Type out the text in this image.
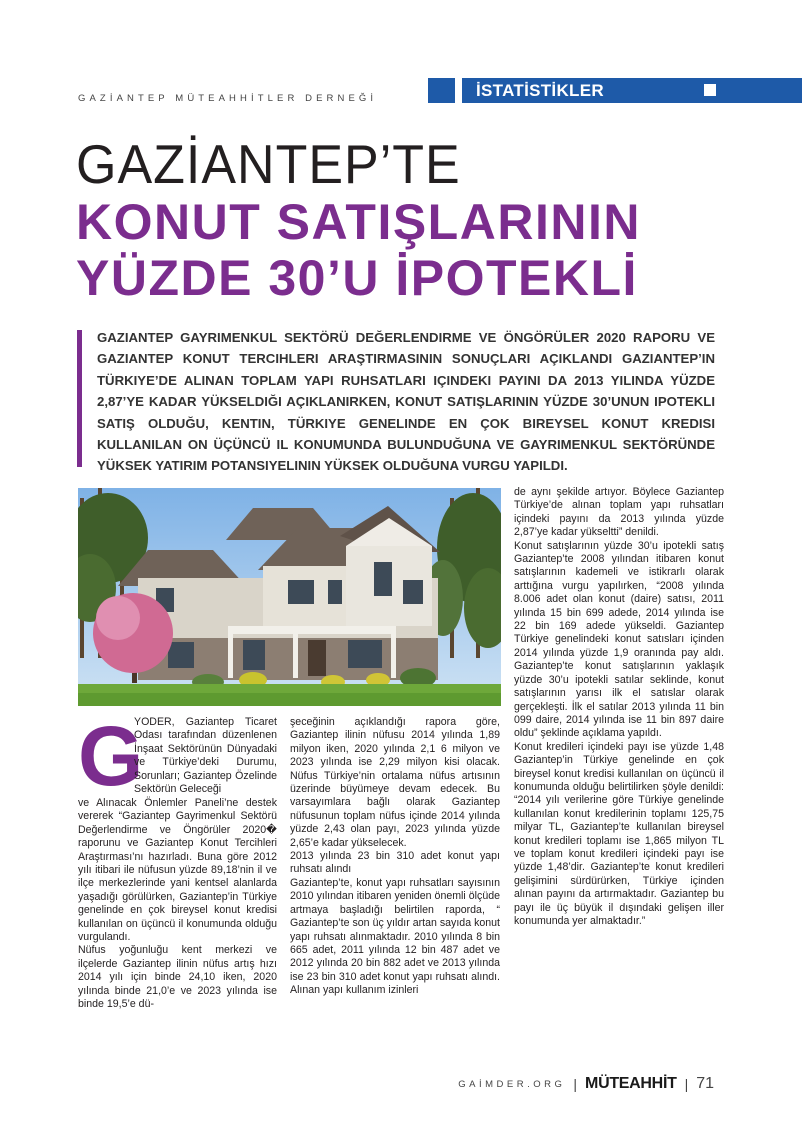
GAZİANTEP MÜTEAHHİTLER DERNEĞİ	İSTATİSTİKLER
GAZİANTEP’TE
KONUT SATIŞLARININ
YÜZDE 30’U İPOTEKLİ
GAZIANTEP GAYRIMENKUL SEKTÖRÜ DEĞERLENDIRME VE ÖNGÖRÜLER 2020 RAPORU VE GAZIANTEP KONUT TERCIHLERI ARAŞTIRMASININ SONUÇLARI AÇIKLANDI GAZIANTEP’IN TÜRKIYE’DE ALINAN TOPLAM YAPI RUHSATLARI IÇINDEKI PAYINI DA 2013 YILINDA YÜZDE 2,87’YE KADAR YÜKSELDIĞI AÇIKLANIRKEN, KONUT SATIŞLARININ YÜZDE 30’UNUN IPOTEKLI SATIŞ OLDUĞU, KENTIN, TÜRKIYE GENELINDE EN ÇOK BIREYSEL KONUT KREDISI KULLANILAN ON ÜÇÜNCÜ IL KONUMUNDA BULUNDUĞUNA VE GAYRIMENKUL SEKTÖRÜNDE YÜKSEK YATIRIM POTANSIYELININ YÜKSEK OLDUĞUNA VURGU YAPILDI.
G

YODER, Gaziantep Ticaret Odası tarafından düzenlenen İnşaat Sektörünün Dünyadaki ve Türkiye’deki Durumu, Sorunları; Gaziantep Özelinde Sektörün Geleceği

ve Alınacak Önlemler Paneli’ne destek vererek “Gaziantep Gayrimenkul Sektörü Değerlendirme ve Öngörüler 2020� raporunu ve Gaziantep Konut Tercihleri Araştırması’nı hazırladı. Buna göre 2012 yılı itibari ile nüfusun yüzde 89,18’nin il ve ilçe merkezlerinde yani kentsel alanlarda yaşadığı görülürken, Gaziantep’in Türkiye genelinde en çok bireysel konut kredisi kullanılan on üçüncü il konumunda olduğu vurgulandı.

Nüfus yoğunluğu kent merkezi ve ilçelerde Gaziantep ilinin nüfus artış hızı 2014 yılı için binde 24,10 iken, 2020 yılında binde 21,0’e ve 2023 yılında ise binde 19,5’e dü-

şeceğinin açıklandığı rapora göre, Gaziantep ilinin nüfusu 2014 yılında 1,89 milyon iken, 2020 yılında 2,1 6 milyon ve 2023 yılında ise 2,29 milyon kisi olacak. Nüfus Türkiye’nin ortalama nüfus artısının üzerinde büyümeye devam edecek. Bu varsayımlara bağlı olarak Gaziantep nüfusunun toplam nüfus içinde 2014 yılında yüzde 2,43 olan payı, 2023 yılında yüzde 2,65’e kadar yükselecek.

2013 yılında 23 bin 310 adet konut yapı ruhsatı alındı

Gaziantep’te, konut yapı ruhsatları sayısının 2010 yılından itibaren yeniden önemli ölçüde artmaya başladığı belirtilen raporda, “ Gaziantep’te son üç yıldır artan sayıda konut yapı ruhsatı alınmaktadır. 2010 yılında 8 bin 665 adet, 2011 yılında 12 bin 487 adet ve 2012 yılında 20 bin 882 adet ve 2013 yılında ise 23 bin 310 adet konut yapı ruhsatı alındı. Alınan yapı kullanım izinleri

de aynı şekilde artıyor. Böylece Gaziantep Türkiye’de alınan toplam yapı ruhsatları içindeki payını da 2013 yılında yüzde 2,87’ye kadar yükseltti” denildi.

Konut satışlarının yüzde 30’u ipotekli satış Gaziantep’te 2008 yılından itibaren konut satışlarının kademeli ve istikrarlı olarak arttığına vurgu yapılırken, “2008 yılında 8.006 adet olan konut (daire) satısı, 2011 yılında 15 bin 699 adede, 2014 yılında ise 22 bin 169 adede yükseldi. Gaziantep Türkiye genelindeki konut satısları içinden 2014 yılında yüzde 1,9 oranında pay aldı. Gaziantep’te konut satışlarının yaklaşık yüzde 30’u ipotekli satılar seklinde, konut satışlarının yarısı ilk el satıslar olarak gerçekleşti. İlk el satılar 2013 yılında 11 bin 099 daire, 2014 yılında ise 11 bin 897 daire oldu” şeklinde açıklama yapıldı.

Konut kredileri içindeki payı ise yüzde 1,48 Gaziantep’in Türkiye genelinde en çok bireysel konut kredisi kullanılan on üçüncü il konumunda olduğu belirtilirken şöyle denildi: “2014 yılı verilerine göre Türkiye genelinde kullanılan konut kredilerinin toplamı 125,75 milyar TL, Gaziantep’te kullanılan bireysel konut kredileri toplamı ise 1,865 milyon TL ve toplam konut kredileri içindeki payı ise yüzde 1,48’dir. Gaziantep’te konut kredileri gelişimini sürdürürken, Türkiye içinden alınan payını da artırmaktadır. Gaziantep bu payı ile üç büyük il dışındaki gelişen iller konumunda yer almaktadır.”

GAİMDER.ORG | MÜTEAHHİT | 71
